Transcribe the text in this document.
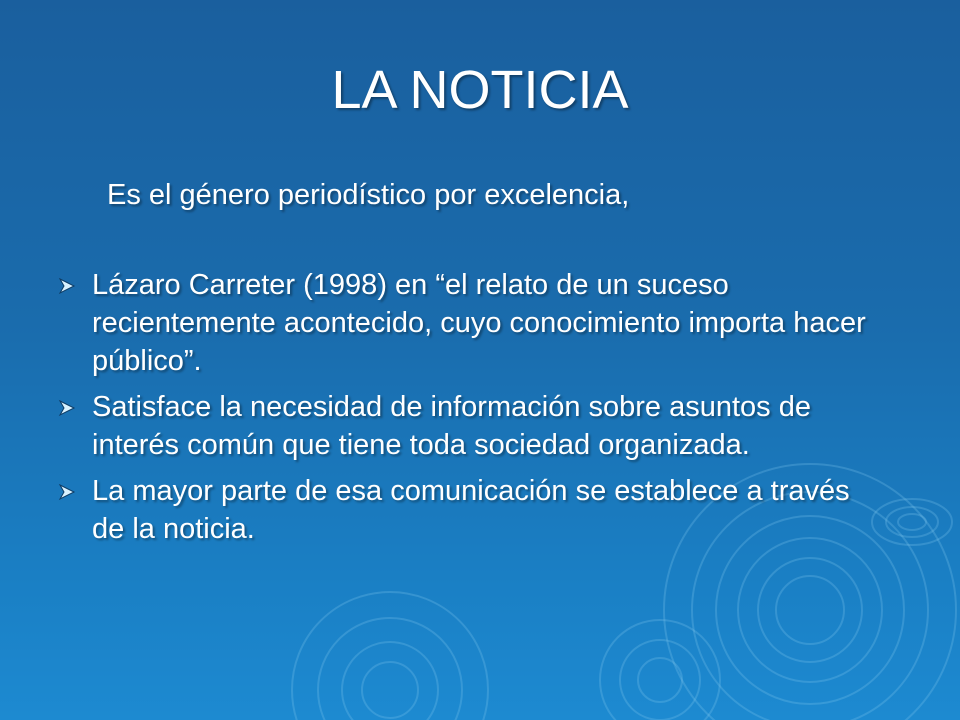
LA NOTICIA
Es el género periodístico por excelencia,
Lázaro Carreter (1998) en “el relato de un suceso recientemente acontecido, cuyo conocimiento importa hacer público”.
Satisface la necesidad de información sobre asuntos de interés común que tiene toda sociedad organizada.
La mayor parte de esa comunicación se establece a través de la noticia.
